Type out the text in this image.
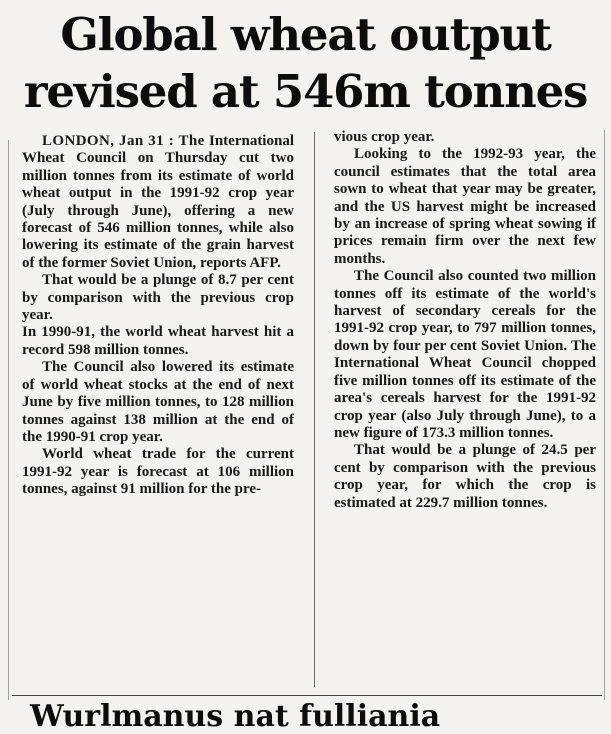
Global wheat output
revised at 546m tonnes

LONDON, Jan 31 : The International Wheat Council on Thursday cut two million tonnes from its estimate of world wheat output in the 1991-92 crop year (July through June), offering a new forecast of 546 million tonnes, while also lowering its estimate of the grain harvest of the former Soviet Union, reports AFP.

That would be a plunge of 8.7 per cent by comparison with the previous crop year.

In 1990-91, the world wheat harvest hit a record 598 million tonnes.

The Council also lowered its estimate of world wheat stocks at the end of next June by five million tonnes, to 128 million tonnes against 138 million at the end of the 1990-91 crop year.

World wheat trade for the current 1991-92 year is forecast at 106 million tonnes, against 91 million for the pre-

vious crop year.

Looking to the 1992-93 year, the council estimates that the total area sown to wheat that year may be greater, and the US harvest might be increased by an increase of spring wheat sowing if prices remain firm over the next few months.

The Council also counted two million tonnes off its estimate of the world's harvest of secondary cereals for the 1991-92 crop year, to 797 million tonnes, down by four per cent Soviet Union. The International Wheat Council chopped five million tonnes off its estimate of the area's cereals harvest for the 1991-92 crop year (also July through June), to a new figure of 173.3 million tonnes.

That would be a plunge of 24.5 per cent by comparison with the previous crop year, for which the crop is estimated at 229.7 million tonnes.

Wurlmanus nat fulliania
